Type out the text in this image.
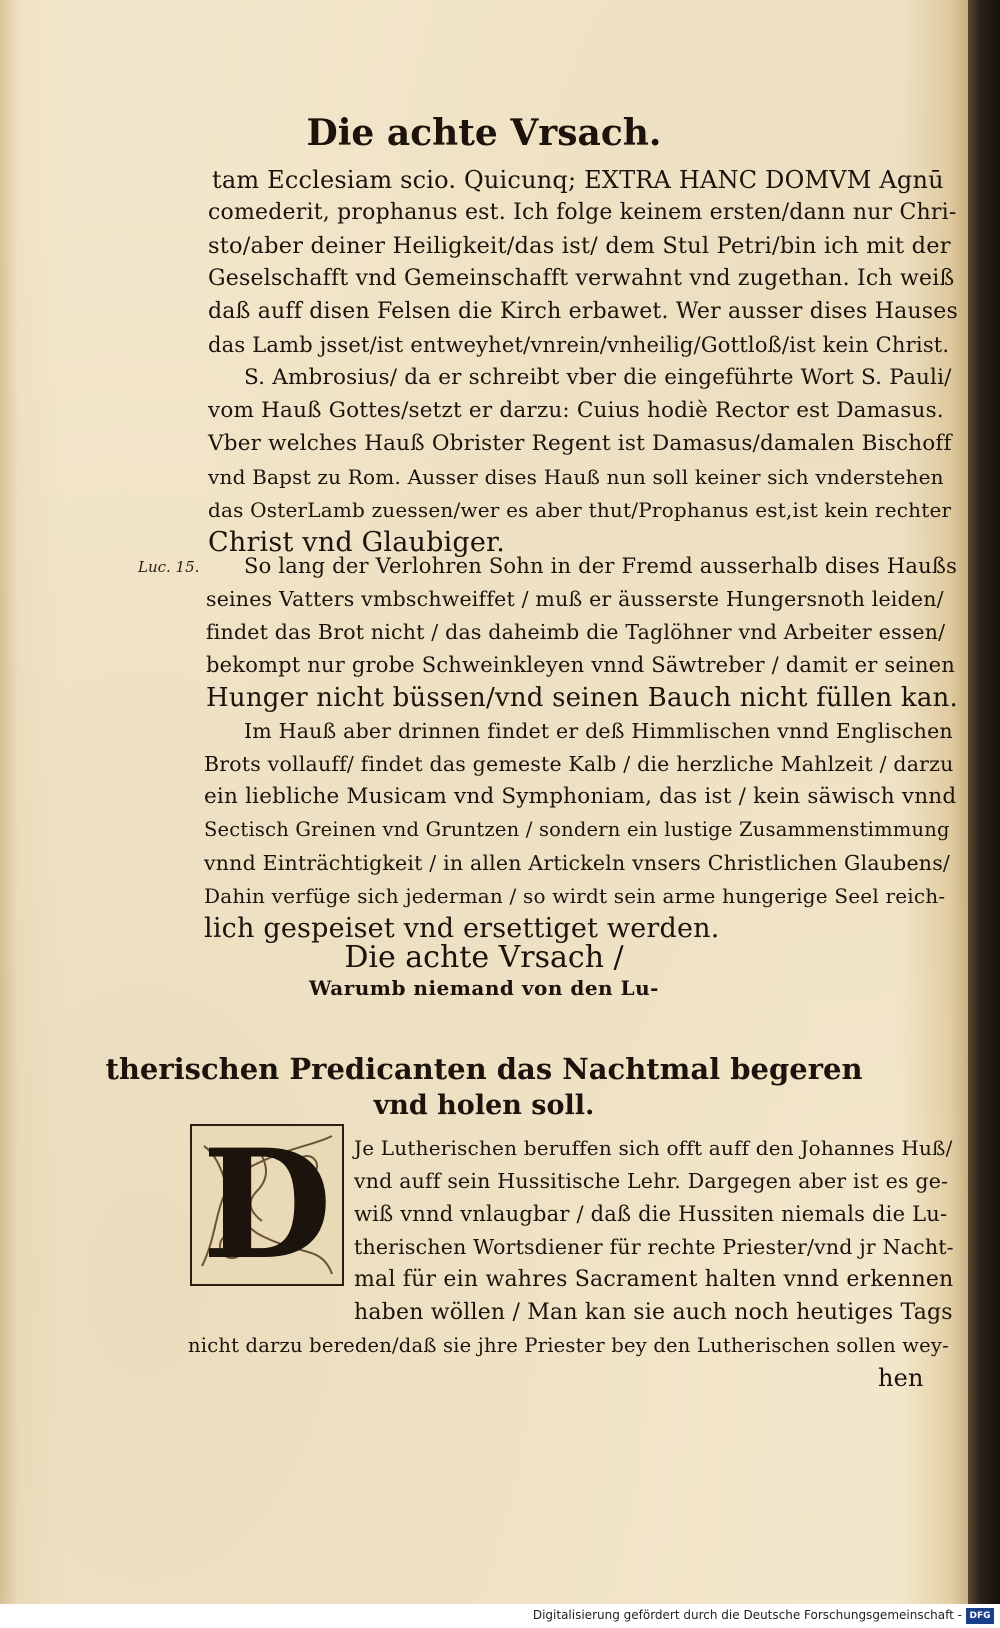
Die achte Vrsach.
tam Ecclesiam scio. Quicunq; EXTRA HANC DOMVM Agnū
comederit, prophanus est. Ich folge keinem ersten/dann nur Chri-
sto/aber deiner Heiligkeit/das ist/ dem Stul Petri/bin ich mit der
Geselschafft vnd Gemeinschafft verwahnt vnd zugethan. Ich weiß
daß auff disen Felsen die Kirch erbawet. Wer ausser dises Hauses
das Lamb jsset/ist entweyhet/vnrein/vnheilig/Gottloß/ist kein Christ.
S. Ambrosius/ da er schreibt vber die eingeführte Wort S. Pauli/
vom Hauß Gottes/setzt er darzu: Cuius hodiè Rector est Damasus.
Vber welches Hauß Obrister Regent ist Damasus/damalen Bischoff
vnd Bapst zu Rom. Ausser dises Hauß nun soll keiner sich vnderstehen
das OsterLamb zuessen/wer es aber thut/Prophanus est,ist kein rechter
Christ vnd Glaubiger.
Luc. 15. So lang der Verlohren Sohn in der Fremd ausserhalb dises Haußs
seines Vatters vmbschweiffet / muß er äusserste Hungersnoth leiden/
findet das Brot nicht / das daheimb die Taglöhner vnd Arbeiter essen/
bekompt nur grobe Schweinkleyen vnnd Säwtreber / damit er seinen
Hunger nicht büssen/vnd seinen Bauch nicht füllen kan.
Im Hauß aber drinnen findet er deß Himmlischen vnnd Englischen
Brots vollauff/ findet das gemeste Kalb / die herzliche Mahlzeit / darzu
ein liebliche Musicam vnd Symphoniam, das ist / kein säwisch vnnd
Sectisch Greinen vnd Gruntzen / sondern ein lustige Zusammenstimmung
vnnd Einträchtigkeit / in allen Artickeln vnsers Christlichen Glaubens/
Dahin verfüge sich jederman / so wirdt sein arme hungerige Seel reich-
lich gespeiset vnd ersettiget werden.
Die achte Vrsach /
Warumb niemand von den Lu-
therischen Predicanten das Nachtmal begeren
vnd holen soll.
D	Je Lutherischen beruffen sich offt auff den Johannes Huß/
vnd auff sein Hussitische Lehr. Dargegen aber ist es ge-
wiß vnnd vnlaugbar / daß die Hussiten niemals die Lu-
therischen Wortsdiener für rechte Priester/vnd jr Nacht-
mal für ein wahres Sacrament halten vnnd erkennen
haben wöllen / Man kan sie auch noch heutiges Tags
nicht darzu bereden/daß sie jhre Priester bey den Lutherischen sollen wey-
hen
Digitalisierung gefördert durch die Deutsche Forschungsgemeinschaft - DFG
